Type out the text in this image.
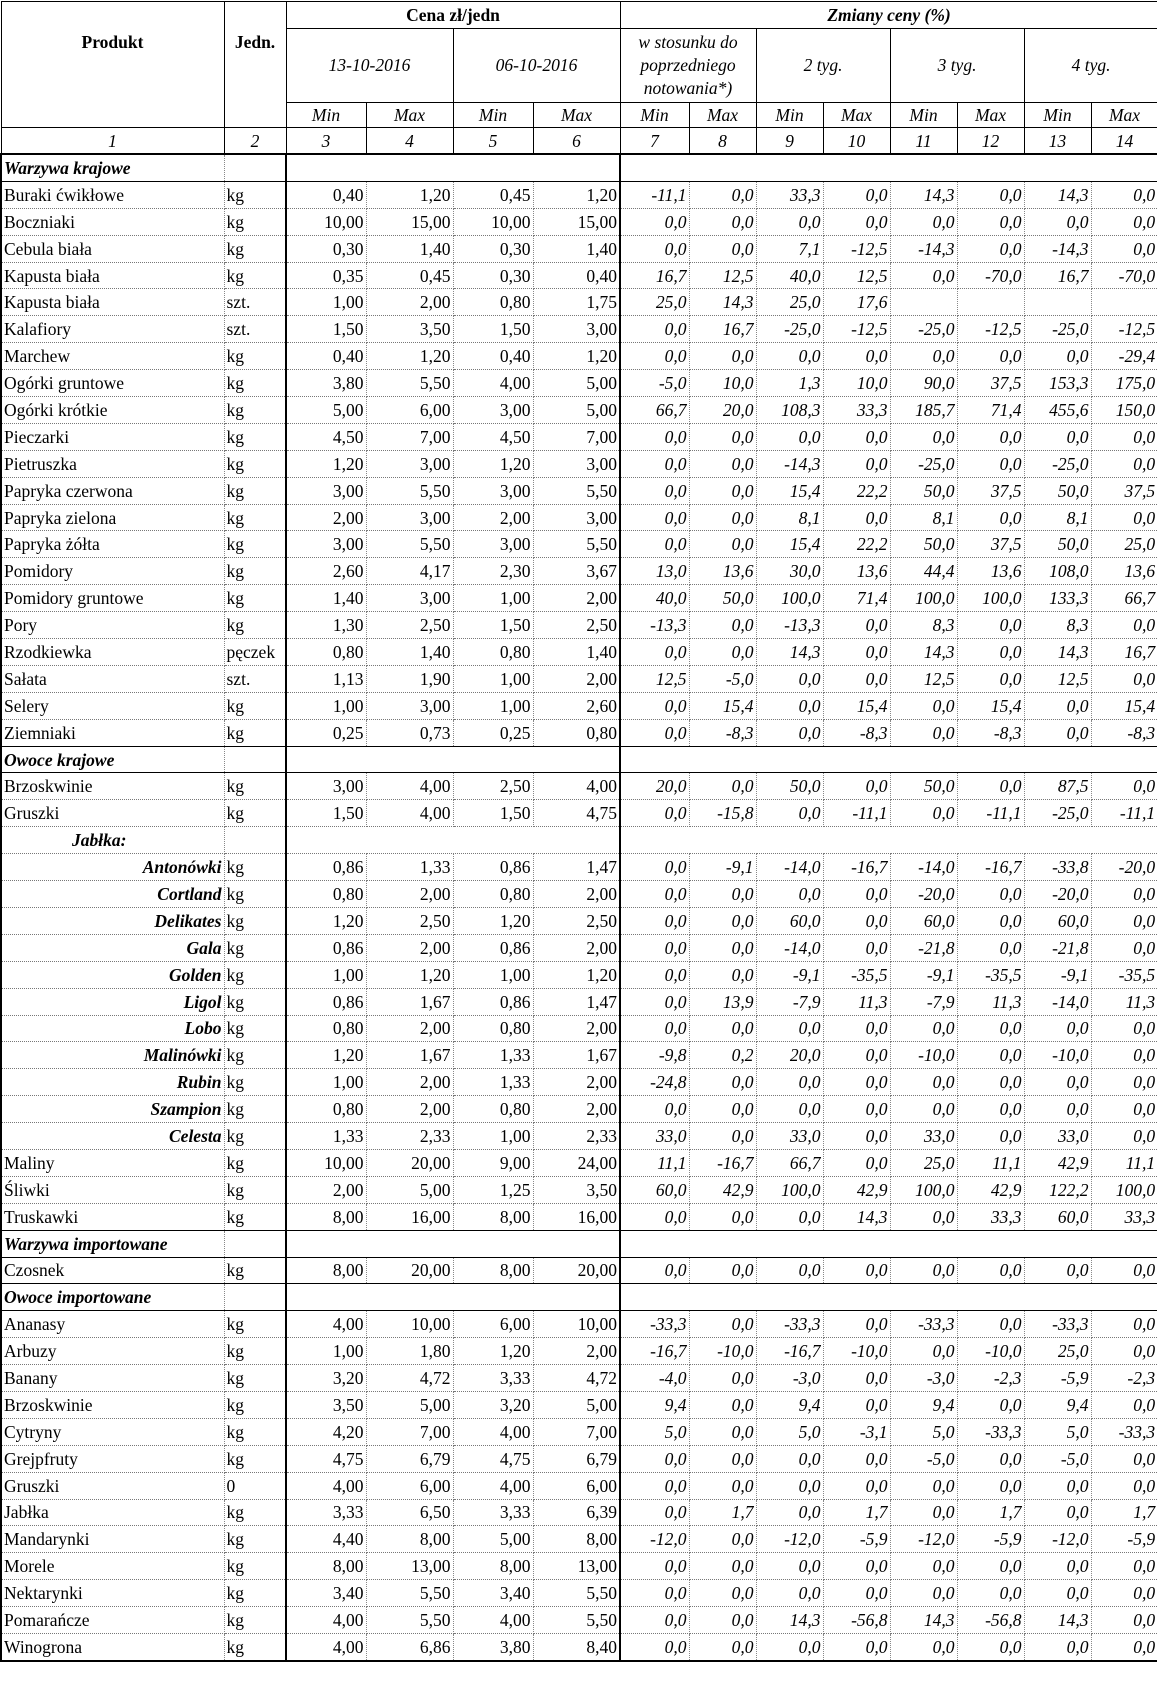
Produkt	Jedn.	Cena zł/jedn				Zmiany ceny (%)							
		13-10-2016		06-10-2016		w stosunku do poprzedniego notowania*)		2 tyg.		3 tyg.		4 tyg.	
		Min	Max	Min	Max	Min	Max	Min	Max	Min	Max	Min	Max
1	2	3	4	5	6	7	8	9	10	11	12	13	14
Warzywa krajowe													
Buraki ćwikłowe	kg	0,40	1,20	0,45	1,20	-11,1	0,0	33,3	0,0	14,3	0,0	14,3	0,0
Boczniaki	kg	10,00	15,00	10,00	15,00	0,0	0,0	0,0	0,0	0,0	0,0	0,0	0,0
Cebula biała	kg	0,30	1,40	0,30	1,40	0,0	0,0	7,1	-12,5	-14,3	0,0	-14,3	0,0
Kapusta biała	kg	0,35	0,45	0,30	0,40	16,7	12,5	40,0	12,5	0,0	-70,0	16,7	-70,0
Kapusta biała	szt.	1,00	2,00	0,80	1,75	25,0	14,3	25,0	17,6				
Kalafiory	szt.	1,50	3,50	1,50	3,00	0,0	16,7	-25,0	-12,5	-25,0	-12,5	-25,0	-12,5
Marchew	kg	0,40	1,20	0,40	1,20	0,0	0,0	0,0	0,0	0,0	0,0	0,0	-29,4
Ogórki gruntowe	kg	3,80	5,50	4,00	5,00	-5,0	10,0	1,3	10,0	90,0	37,5	153,3	175,0
Ogórki krótkie	kg	5,00	6,00	3,00	5,00	66,7	20,0	108,3	33,3	185,7	71,4	455,6	150,0
Pieczarki	kg	4,50	7,00	4,50	7,00	0,0	0,0	0,0	0,0	0,0	0,0	0,0	0,0
Pietruszka	kg	1,20	3,00	1,20	3,00	0,0	0,0	-14,3	0,0	-25,0	0,0	-25,0	0,0
Papryka czerwona	kg	3,00	5,50	3,00	5,50	0,0	0,0	15,4	22,2	50,0	37,5	50,0	37,5
Papryka zielona	kg	2,00	3,00	2,00	3,00	0,0	0,0	8,1	0,0	8,1	0,0	8,1	0,0
Papryka żółta	kg	3,00	5,50	3,00	5,50	0,0	0,0	15,4	22,2	50,0	37,5	50,0	25,0
Pomidory	kg	2,60	4,17	2,30	3,67	13,0	13,6	30,0	13,6	44,4	13,6	108,0	13,6
Pomidory gruntowe	kg	1,40	3,00	1,00	2,00	40,0	50,0	100,0	71,4	100,0	100,0	133,3	66,7
Pory	kg	1,30	2,50	1,50	2,50	-13,3	0,0	-13,3	0,0	8,3	0,0	8,3	0,0
Rzodkiewka	pęczek	0,80	1,40	0,80	1,40	0,0	0,0	14,3	0,0	14,3	0,0	14,3	16,7
Sałata	szt.	1,13	1,90	1,00	2,00	12,5	-5,0	0,0	0,0	12,5	0,0	12,5	0,0
Selery	kg	1,00	3,00	1,00	2,60	0,0	15,4	0,0	15,4	0,0	15,4	0,0	15,4
Ziemniaki	kg	0,25	0,73	0,25	0,80	0,0	-8,3	0,0	-8,3	0,0	-8,3	0,0	-8,3
Owoce krajowe													
Brzoskwinie	kg	3,00	4,00	2,50	4,00	20,0	0,0	50,0	0,0	50,0	0,0	87,5	0,0
Gruszki	kg	1,50	4,00	1,50	4,75	0,0	-15,8	0,0	-11,1	0,0	-11,1	-25,0	-11,1
Jabłka:													
Antonówki	kg	0,86	1,33	0,86	1,47	0,0	-9,1	-14,0	-16,7	-14,0	-16,7	-33,8	-20,0
Cortland	kg	0,80	2,00	0,80	2,00	0,0	0,0	0,0	0,0	-20,0	0,0	-20,0	0,0
Delikates	kg	1,20	2,50	1,20	2,50	0,0	0,0	60,0	0,0	60,0	0,0	60,0	0,0
Gala	kg	0,86	2,00	0,86	2,00	0,0	0,0	-14,0	0,0	-21,8	0,0	-21,8	0,0
Golden	kg	1,00	1,20	1,00	1,20	0,0	0,0	-9,1	-35,5	-9,1	-35,5	-9,1	-35,5
Ligol	kg	0,86	1,67	0,86	1,47	0,0	13,9	-7,9	11,3	-7,9	11,3	-14,0	11,3
Lobo	kg	0,80	2,00	0,80	2,00	0,0	0,0	0,0	0,0	0,0	0,0	0,0	0,0
Malinówki	kg	1,20	1,67	1,33	1,67	-9,8	0,2	20,0	0,0	-10,0	0,0	-10,0	0,0
Rubin	kg	1,00	2,00	1,33	2,00	-24,8	0,0	0,0	0,0	0,0	0,0	0,0	0,0
Szampion	kg	0,80	2,00	0,80	2,00	0,0	0,0	0,0	0,0	0,0	0,0	0,0	0,0
Celesta	kg	1,33	2,33	1,00	2,33	33,0	0,0	33,0	0,0	33,0	0,0	33,0	0,0
Maliny	kg	10,00	20,00	9,00	24,00	11,1	-16,7	66,7	0,0	25,0	11,1	42,9	11,1
Śliwki	kg	2,00	5,00	1,25	3,50	60,0	42,9	100,0	42,9	100,0	42,9	122,2	100,0
Truskawki	kg	8,00	16,00	8,00	16,00	0,0	0,0	0,0	14,3	0,0	33,3	60,0	33,3
Warzywa importowane													
Czosnek	kg	8,00	20,00	8,00	20,00	0,0	0,0	0,0	0,0	0,0	0,0	0,0	0,0
Owoce importowane													
Ananasy	kg	4,00	10,00	6,00	10,00	-33,3	0,0	-33,3	0,0	-33,3	0,0	-33,3	0,0
Arbuzy	kg	1,00	1,80	1,20	2,00	-16,7	-10,0	-16,7	-10,0	0,0	-10,0	25,0	0,0
Banany	kg	3,20	4,72	3,33	4,72	-4,0	0,0	-3,0	0,0	-3,0	-2,3	-5,9	-2,3
Brzoskwinie	kg	3,50	5,00	3,20	5,00	9,4	0,0	9,4	0,0	9,4	0,0	9,4	0,0
Cytryny	kg	4,20	7,00	4,00	7,00	5,0	0,0	5,0	-3,1	5,0	-33,3	5,0	-33,3
Grejpfruty	kg	4,75	6,79	4,75	6,79	0,0	0,0	0,0	0,0	-5,0	0,0	-5,0	0,0
Gruszki	0	4,00	6,00	4,00	6,00	0,0	0,0	0,0	0,0	0,0	0,0	0,0	0,0
Jabłka	kg	3,33	6,50	3,33	6,39	0,0	1,7	0,0	1,7	0,0	1,7	0,0	1,7
Mandarynki	kg	4,40	8,00	5,00	8,00	-12,0	0,0	-12,0	-5,9	-12,0	-5,9	-12,0	-5,9
Morele	kg	8,00	13,00	8,00	13,00	0,0	0,0	0,0	0,0	0,0	0,0	0,0	0,0
Nektarynki	kg	3,40	5,50	3,40	5,50	0,0	0,0	0,0	0,0	0,0	0,0	0,0	0,0
Pomarańcze	kg	4,00	5,50	4,00	5,50	0,0	0,0	14,3	-56,8	14,3	-56,8	14,3	0,0
Winogrona	kg	4,00	6,86	3,80	8,40	0,0	0,0	0,0	0,0	0,0	0,0	0,0	0,0
